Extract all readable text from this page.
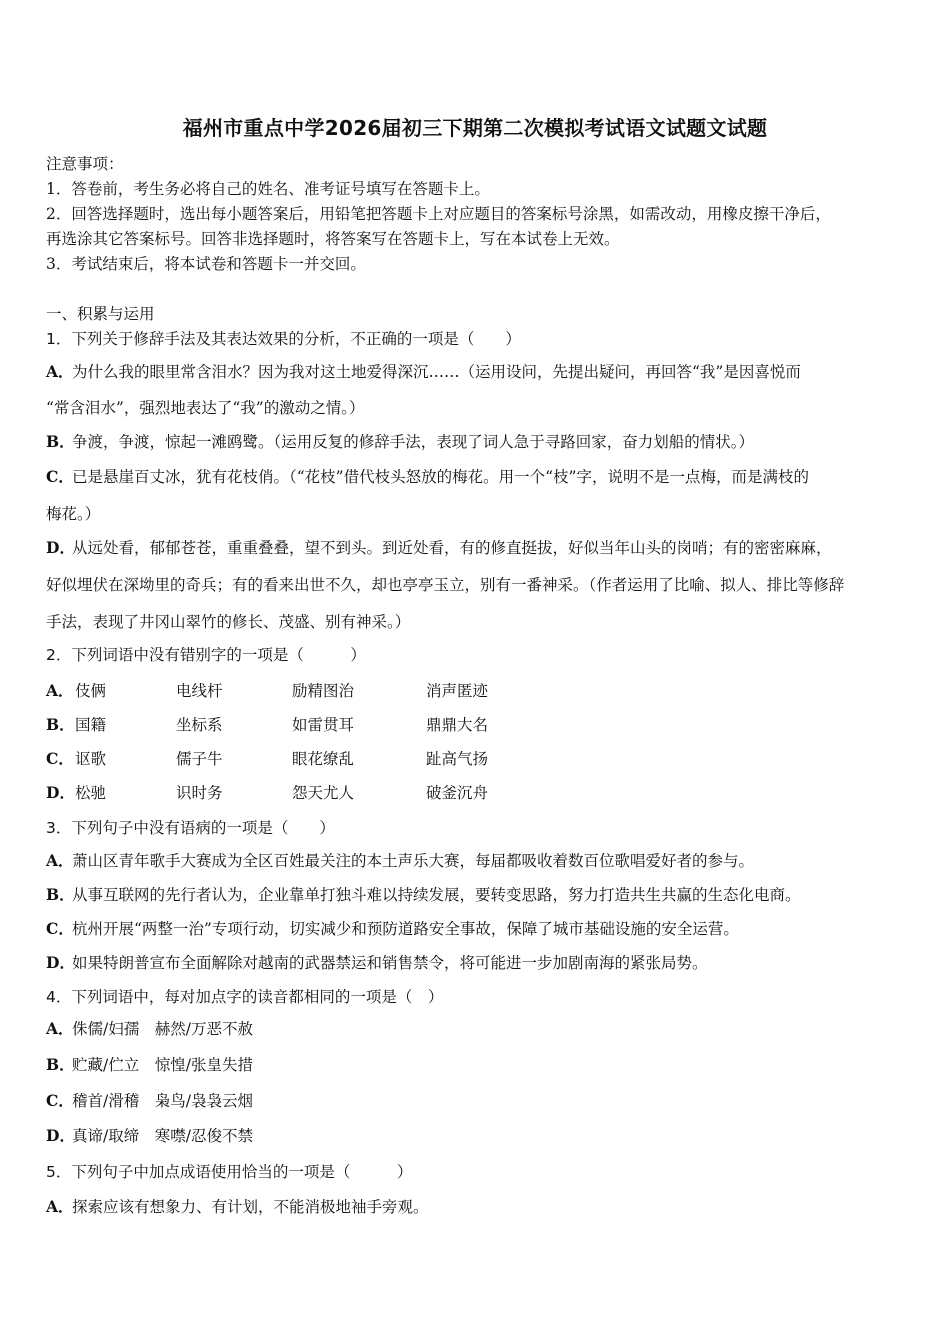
福州市重点中学2026届初三下期第二次模拟考试语文试题文试题
注意事项：
1．答卷前，考生务必将自己的姓名、准考证号填写在答题卡上。
2．回答选择题时，选出每小题答案后，用铅笔把答题卡上对应题目的答案标号涂黑，如需改动，用橡皮擦干净后，
再选涂其它答案标号。回答非选择题时，将答案写在答题卡上，写在本试卷上无效。
3．考试结束后，将本试卷和答题卡一并交回。
一、积累与运用
1．下列关于修辞手法及其表达效果的分析，不正确的一项是（　　）
A．为什么我的眼里常含泪水？因为我对这土地爱得深沉……（运用设问，先提出疑问，再回答“我”是因喜悦而
“常含泪水”，强烈地表达了“我”的激动之情。）
B．争渡，争渡，惊起一滩鸥鹭。（运用反复的修辞手法，表现了词人急于寻路回家，奋力划船的情状。）
C．已是悬崖百丈冰，犹有花枝俏。（“花枝”借代枝头怒放的梅花。用一个“枝”字，说明不是一点梅，而是满枝的
梅花。）
D．从远处看，郁郁苍苍，重重叠叠，望不到头。到近处看，有的修直挺拔，好似当年山头的岗哨；有的密密麻麻，
好似埋伏在深坳里的奇兵；有的看来出世不久，却也亭亭玉立，别有一番神采。（作者运用了比喻、拟人、排比等修辞
手法，表现了井冈山翠竹的修长、茂盛、别有神采。）
2．下列词语中没有错别字的一项是（　　　）
A． 伎俩	电线杆	励精图治	消声匿迹
B． 国籍	坐标系	如雷贯耳	鼎鼎大名
C． 讴歌	儒子牛	眼花缭乱	趾高气扬
D． 松驰	识时务	怨天尤人	破釜沉舟
3．下列句子中没有语病的一项是（　　）
A．萧山区青年歌手大赛成为全区百姓最关注的本土声乐大赛，每届都吸收着数百位歌唱爱好者的参与。
B．从事互联网的先行者认为，企业靠单打独斗难以持续发展，要转变思路，努力打造共生共赢的生态化电商。
C．杭州开展“两整一治”专项行动，切实减少和预防道路安全事故，保障了城市基础设施的安全运营。
D．如果特朗普宣布全面解除对越南的武器禁运和销售禁令，将可能进一步加剧南海的紧张局势。
4．下列词语中，每对加点字的读音都相同的一项是（　）
A．侏儒/妇孺　赫然/万恶不赦
B．贮藏/伫立　惊惶/张皇失措
C．稽首/滑稽　枭鸟/袅袅云烟
D．真谛/取缔　寒噤/忍俊不禁
5．下列句子中加点成语使用恰当的一项是（　　　）
A．探索应该有想象力、有计划，不能消极地袖手旁观。
